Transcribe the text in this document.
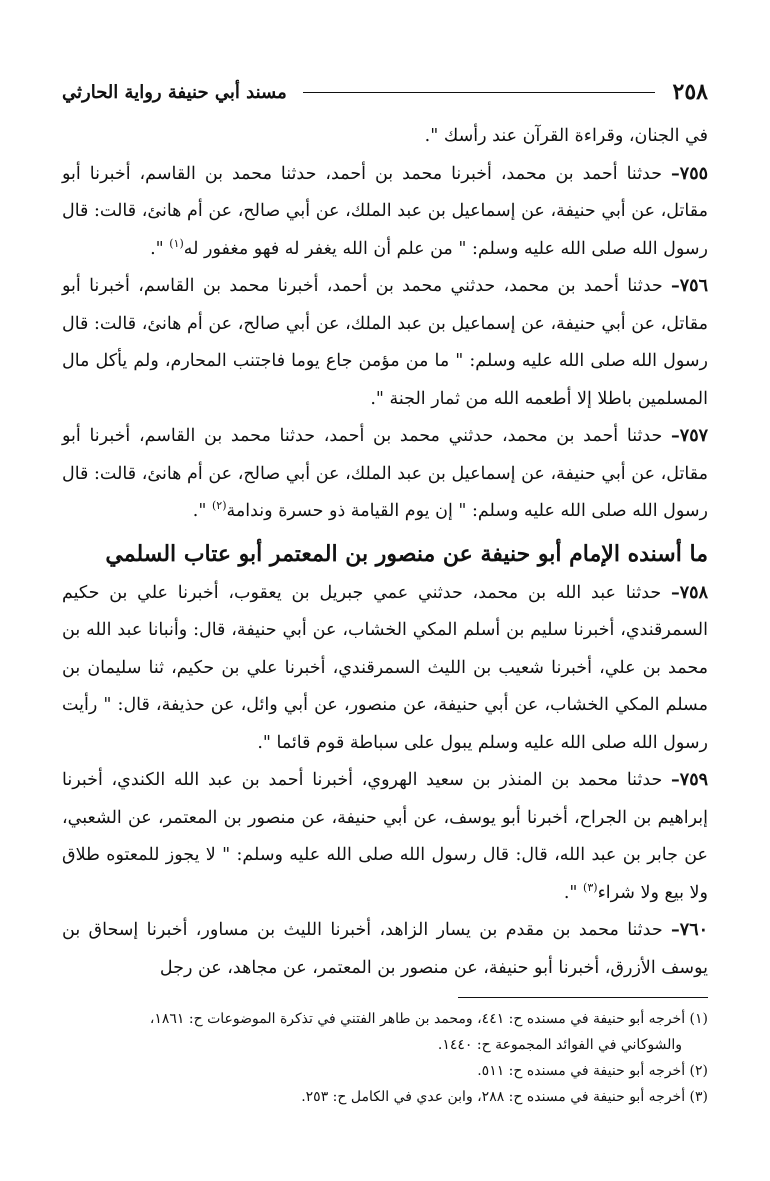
٢٥٨
مسند أبي حنيفة رواية الحارثي

في الجنان، وقراءة القرآن عند رأسك ".

٧٥٥– حدثنا أحمد بن محمد، أخبرنا محمد بن أحمد، حدثنا محمد بن القاسم، أخبرنا أبو مقاتل، عن أبي حنيفة، عن إسماعيل بن عبد الملك، عن أبي صالح، عن أم هانئ، قالت: قال رسول الله صلى الله عليه وسلم: " من علم أن الله يغفر له فهو مغفور له$^{(١)}$ ".

٧٥٦– حدثنا أحمد بن محمد، حدثني محمد بن أحمد، أخبرنا محمد بن القاسم، أخبرنا أبو مقاتل، عن أبي حنيفة، عن إسماعيل بن عبد الملك، عن أبي صالح، عن أم هانئ، قالت: قال رسول الله صلى الله عليه وسلم: " ما من مؤمن جاع يوما فاجتنب المحارم، ولم يأكل مال المسلمين باطلا إلا أطعمه الله من ثمار الجنة ".

٧٥٧– حدثنا أحمد بن محمد، حدثني محمد بن أحمد، حدثنا محمد بن القاسم، أخبرنا أبو مقاتل، عن أبي حنيفة، عن إسماعيل بن عبد الملك، عن أبي صالح، عن أم هانئ، قالت: قال رسول الله صلى الله عليه وسلم: " إن يوم القيامة ذو حسرة وندامة$^{(٢)}$ ".

ما أسنده الإمام أبو حنيفة عن منصور بن المعتمر أبو عتاب السلمي

٧٥٨– حدثنا عبد الله بن محمد، حدثني عمي جبريل بن يعقوب، أخبرنا علي بن حكيم السمرقندي، أخبرنا سليم بن أسلم المكي الخشاب، عن أبي حنيفة، قال: وأنبانا عبد الله بن محمد بن علي، أخبرنا شعيب بن الليث السمرقندي، أخبرنا علي بن حكيم، ثنا سليمان بن مسلم المكي الخشاب، عن أبي حنيفة، عن منصور، عن أبي وائل، عن حذيفة، قال: " رأيت رسول الله صلى الله عليه وسلم يبول على سباطة قوم قائما ".

٧٥٩– حدثنا محمد بن المنذر بن سعيد الهروي، أخبرنا أحمد بن عبد الله الكندي، أخبرنا إبراهيم بن الجراح، أخبرنا أبو يوسف، عن أبي حنيفة، عن منصور بن المعتمر، عن الشعبي، عن جابر بن عبد الله، قال: قال رسول الله صلى الله عليه وسلم: " لا يجوز للمعتوه طلاق ولا بيع ولا شراء$^{(٣)}$ ".

٧٦٠– حدثنا محمد بن مقدم بن يسار الزاهد، أخبرنا الليث بن مساور، أخبرنا إسحاق بن يوسف الأزرق، أخبرنا أبو حنيفة، عن منصور بن المعتمر، عن مجاهد، عن رجل

(١) أخرجه أبو حنيفة في مسنده ح: ٤٤١، ومحمد بن طاهر الفتني في تذكرة الموضوعات ح: ١٨٦١،

والشوكاني في الفوائد المجموعة ح: ١٤٤٠.

(٢) أخرجه أبو حنيفة في مسنده ح: ٥١١.

(٣) أخرجه أبو حنيفة في مسنده ح: ٢٨٨، وابن عدي في الكامل ح: ٢٥٣.
